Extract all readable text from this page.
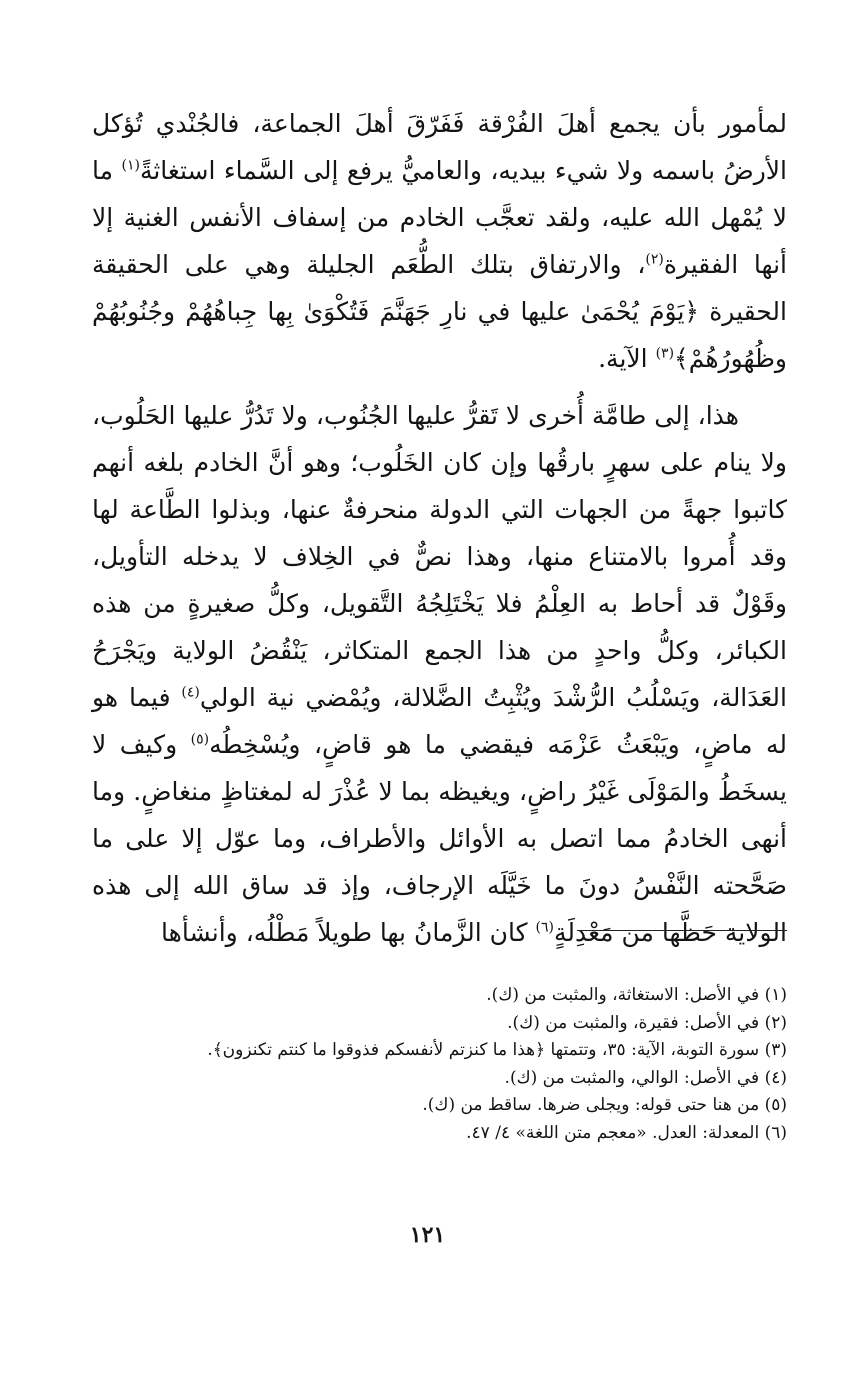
لمأمور بأن يجمع أهلَ الفُرْقة فَفَرّقَ أهلَ الجماعة، فالجُنْدي تُؤكل الأرضُ باسمه ولا شيء بيديه، والعاميُّ يرفع إلى السَّماء استغاثةً$^{(١)}$ ما لا يُمْهل الله عليه، ولقد تعجَّب الخادم من إسفاف الأنفس الغنية إلا أنها الفقيرة$^{(٢)}$، والارتفاق بتلك الطُّعَم الجليلة وهي على الحقيقة الحقيرة ﴿يَوْمَ يُحْمَىٰ عليها في نارِ جَهَنَّمَ فَتُكْوَىٰ بِها جِباهُهُمْ وجُنُوبُهُمْ وظُهُورُهُمْ﴾$^{(٣)}$ الآية.

هذا، إلى طامَّة أُخرى لا تَقرُّ عليها الجُنُوب، ولا تَدُرُّ عليها الحَلُوب، ولا ينام على سهرٍ بارقُها وإن كان الخَلُوب؛ وهو أنَّ الخادم بلغه أنهم كاتبوا جهةً من الجهات التي الدولة منحرفةٌ عنها، وبذلوا الطَّاعة لها وقد أُمروا بالامتناع منها، وهذا نصٌّ في الخِلاف لا يدخله التأويل، وقَوْلٌ قد أحاط به العِلْمُ فلا يَخْتَلِجُهُ التَّقويل، وكلُّ صغيرةٍ من هذه الكبائر، وكلُّ واحدٍ من هذا الجمع المتكاثر، يَنْقُضُ الولاية ويَجْرَحُ العَدَالة، ويَسْلُبُ الرُّشْدَ ويُثْبِتُ الضَّلالة، ويُمْضي نية الولي$^{(٤)}$ فيما هو له ماضٍ، ويَبْعَثُ عَزْمَه فيقضي ما هو قاضٍ، ويُسْخِطُه$^{(٥)}$ وكيف لا يسخَطُ والمَوْلَى غَيْرُ راضٍ، ويغيظه بما لا عُذْرَ له لمغتاظٍ منغاضٍ. وما أنهى الخادمُ مما اتصل به الأوائل والأطراف، وما عوّل إلا على ما صَحَّحته النَّفْسُ دونَ ما خَيَّلَه الإرجاف، وإذ قد ساق الله إلى هذه الولاية حَظَّها من مَعْدِلَةٍ$^{(٦)}$ كان الزَّمانُ بها طويلاً مَطْلُه، وأنشأها

(١) في الأصل: الاستغاثة، والمثبت من (ك).
(٢) في الأصل: فقيرة، والمثبت من (ك).
(٣) سورة التوبة، الآية: ٣٥، وتتمتها ﴿هذا ما كنزتم لأنفسكم فذوقوا ما كنتم تكنزون﴾.
(٤) في الأصل: الوالي، والمثبت من (ك).
(٥) من هنا حتى قوله: ويجلى ضرها. ساقط من (ك).
(٦) المعدلة: العدل. «معجم متن اللغة» ٤/ ٤٧.
١٢١
